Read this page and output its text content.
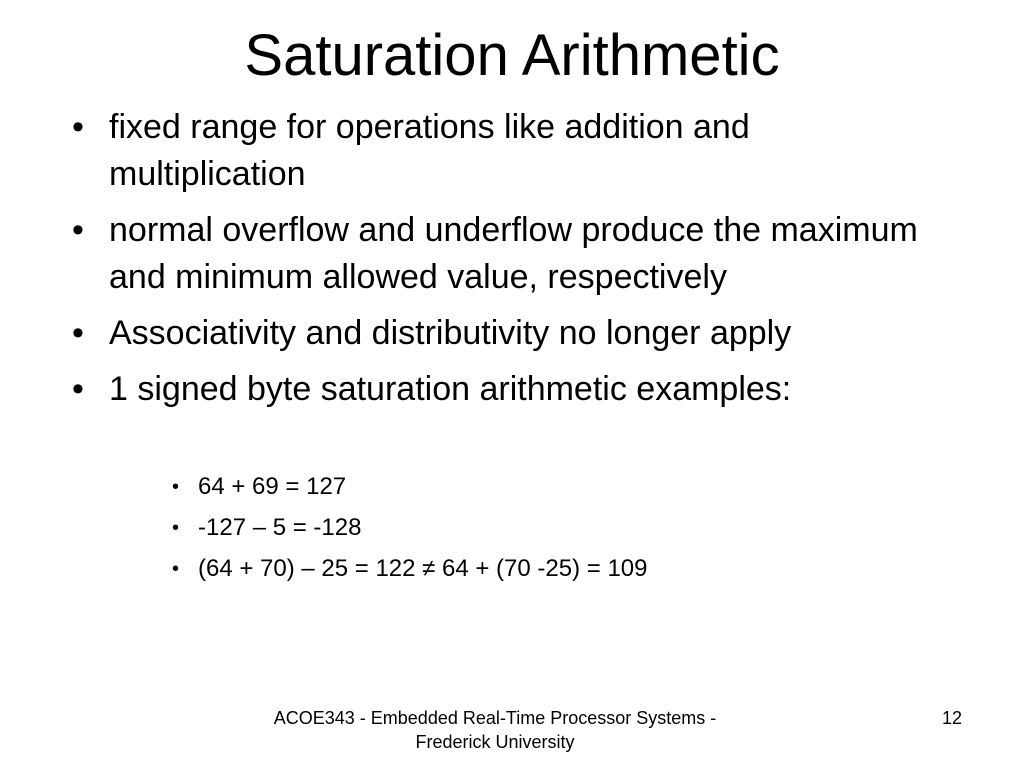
Saturation Arithmetic
• fixed range for operations like addition and multiplication
• normal overflow and underflow produce the maximum and minimum allowed value, respectively
• Associativity and distributivity no longer apply
• 1 signed byte saturation arithmetic examples:
• 64 + 69 = 127
• -127 – 5 = -128
• (64 + 70) – 25 = 122 ≠ 64 + (70 -25) = 109
ACOE343 - Embedded Real-Time Processor Systems -
Frederick University
12
